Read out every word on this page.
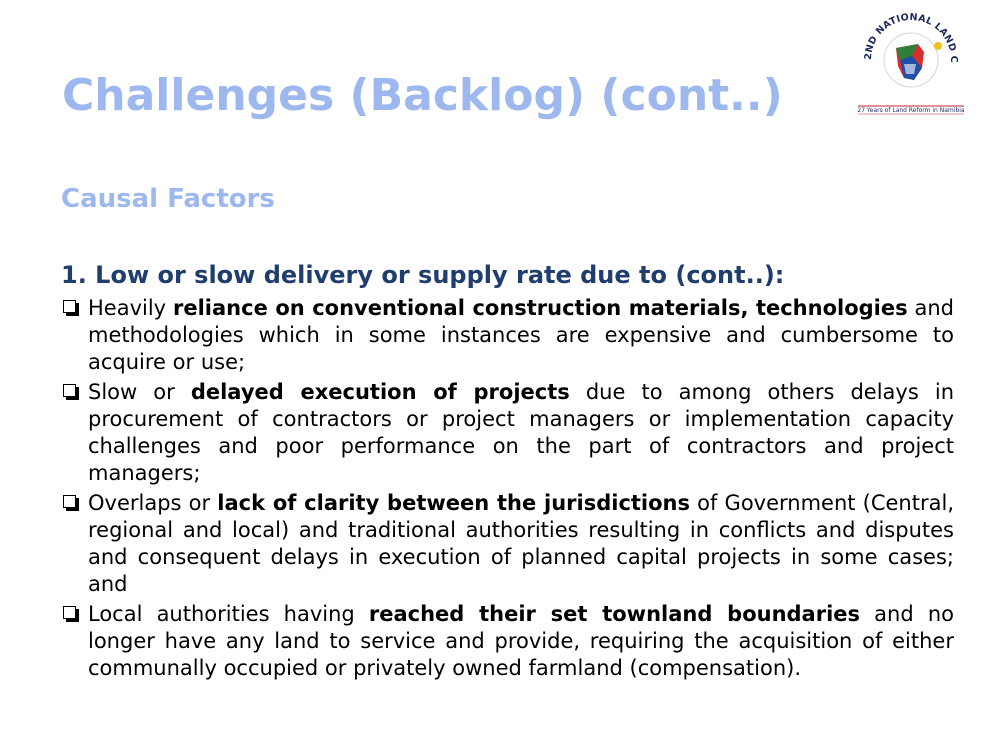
Challenges (Backlog) (cont..)
2ND NATIONAL LAND C
27 Years of Land Reform in Namibia
Causal Factors
1. Low or slow delivery or supply rate due to (cont..):
Heavily reliance on conventional construction materials, technologies and methodologies which in some instances are expensive and cumbersome to acquire or use;
Slow or delayed execution of projects due to among others delays in procurement of contractors or project managers or implementation capacity challenges and poor performance on the part of contractors and project managers;
Overlaps or lack of clarity between the jurisdictions of Government (Central, regional and local) and traditional authorities resulting in conflicts and disputes and consequent delays in execution of planned capital projects in some cases; and
Local authorities having reached their set townland boundaries and no longer have any land to service and provide, requiring the acquisition of either communally occupied or privately owned farmland (compensation).
